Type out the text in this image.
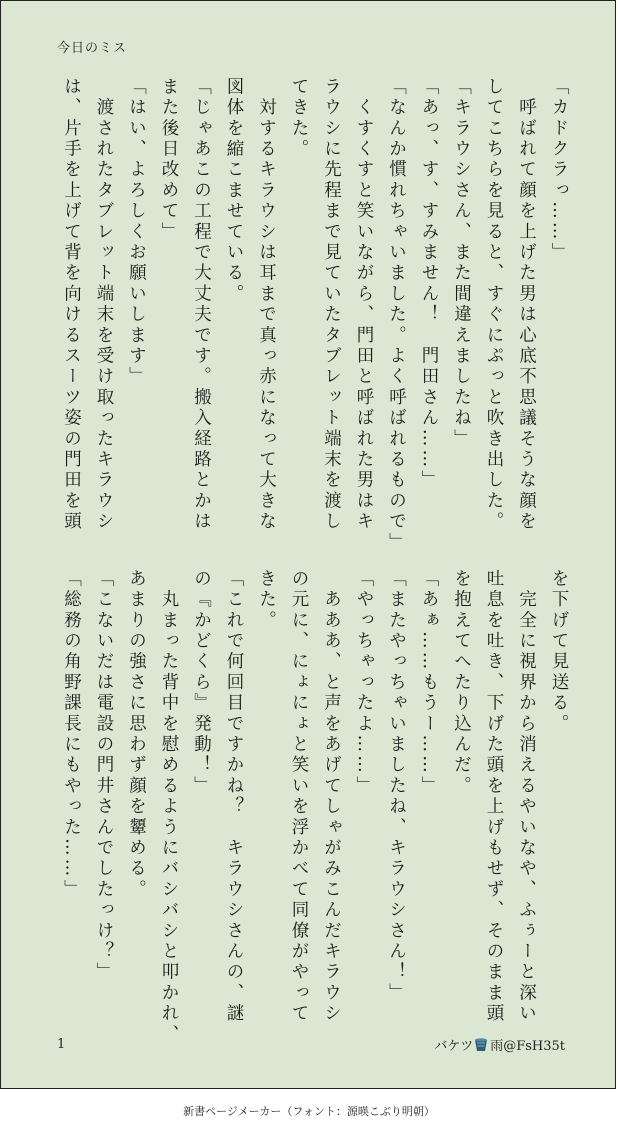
今日のミス
「カドクラっ……」
　呼ばれて顔を上げた男は心底不思議そうな顔を
してこちらを見ると、すぐにぷっと吹き出した。
「キラウシさん、また間違えましたね」
「あっ、す、すみません！　門田さん……」
「なんか慣れちゃいました。よく呼ばれるもので」
　くすくすと笑いながら、門田と呼ばれた男はキ
ラウシに先程まで見ていたタブレット端末を渡し
てきた。
　対するキラウシは耳まで真っ赤になって大きな
図体を縮こませている。
「じゃあこの工程で大丈夫です。搬入経路とかは
また後日改めて」
「はい、よろしくお願いします」
　渡されたタブレット端末を受け取ったキラウシ
は、片手を上げて背を向けるスーツ姿の門田を頭
を下げて見送る。
　完全に視界から消えるやいなや、ふぅーと深い
吐息を吐き、下げた頭を上げもせず、そのまま頭
を抱えてへたり込んだ。
「あぁ……もうー……」
「またやっちゃいましたね、キラウシさん！」
「やっちゃったよ……」
　あああ、と声をあげてしゃがみこんだキラウシ
の元に、にょにょと笑いを浮かべて同僚がやって
きた。
「これで何回目ですかね？　キラウシさんの、謎
の『かどくら』発動！」
　丸まった背中を慰めるようにバシバシと叩かれ、
あまりの強さに思わず顔を顰める。
「こないだは電設の門井さんでしたっけ？」
「総務の角野課長にもやった……」
1	バケツ 雨@FsH35t
新書ページメーカー（フォント：源暎こぶり明朝）
